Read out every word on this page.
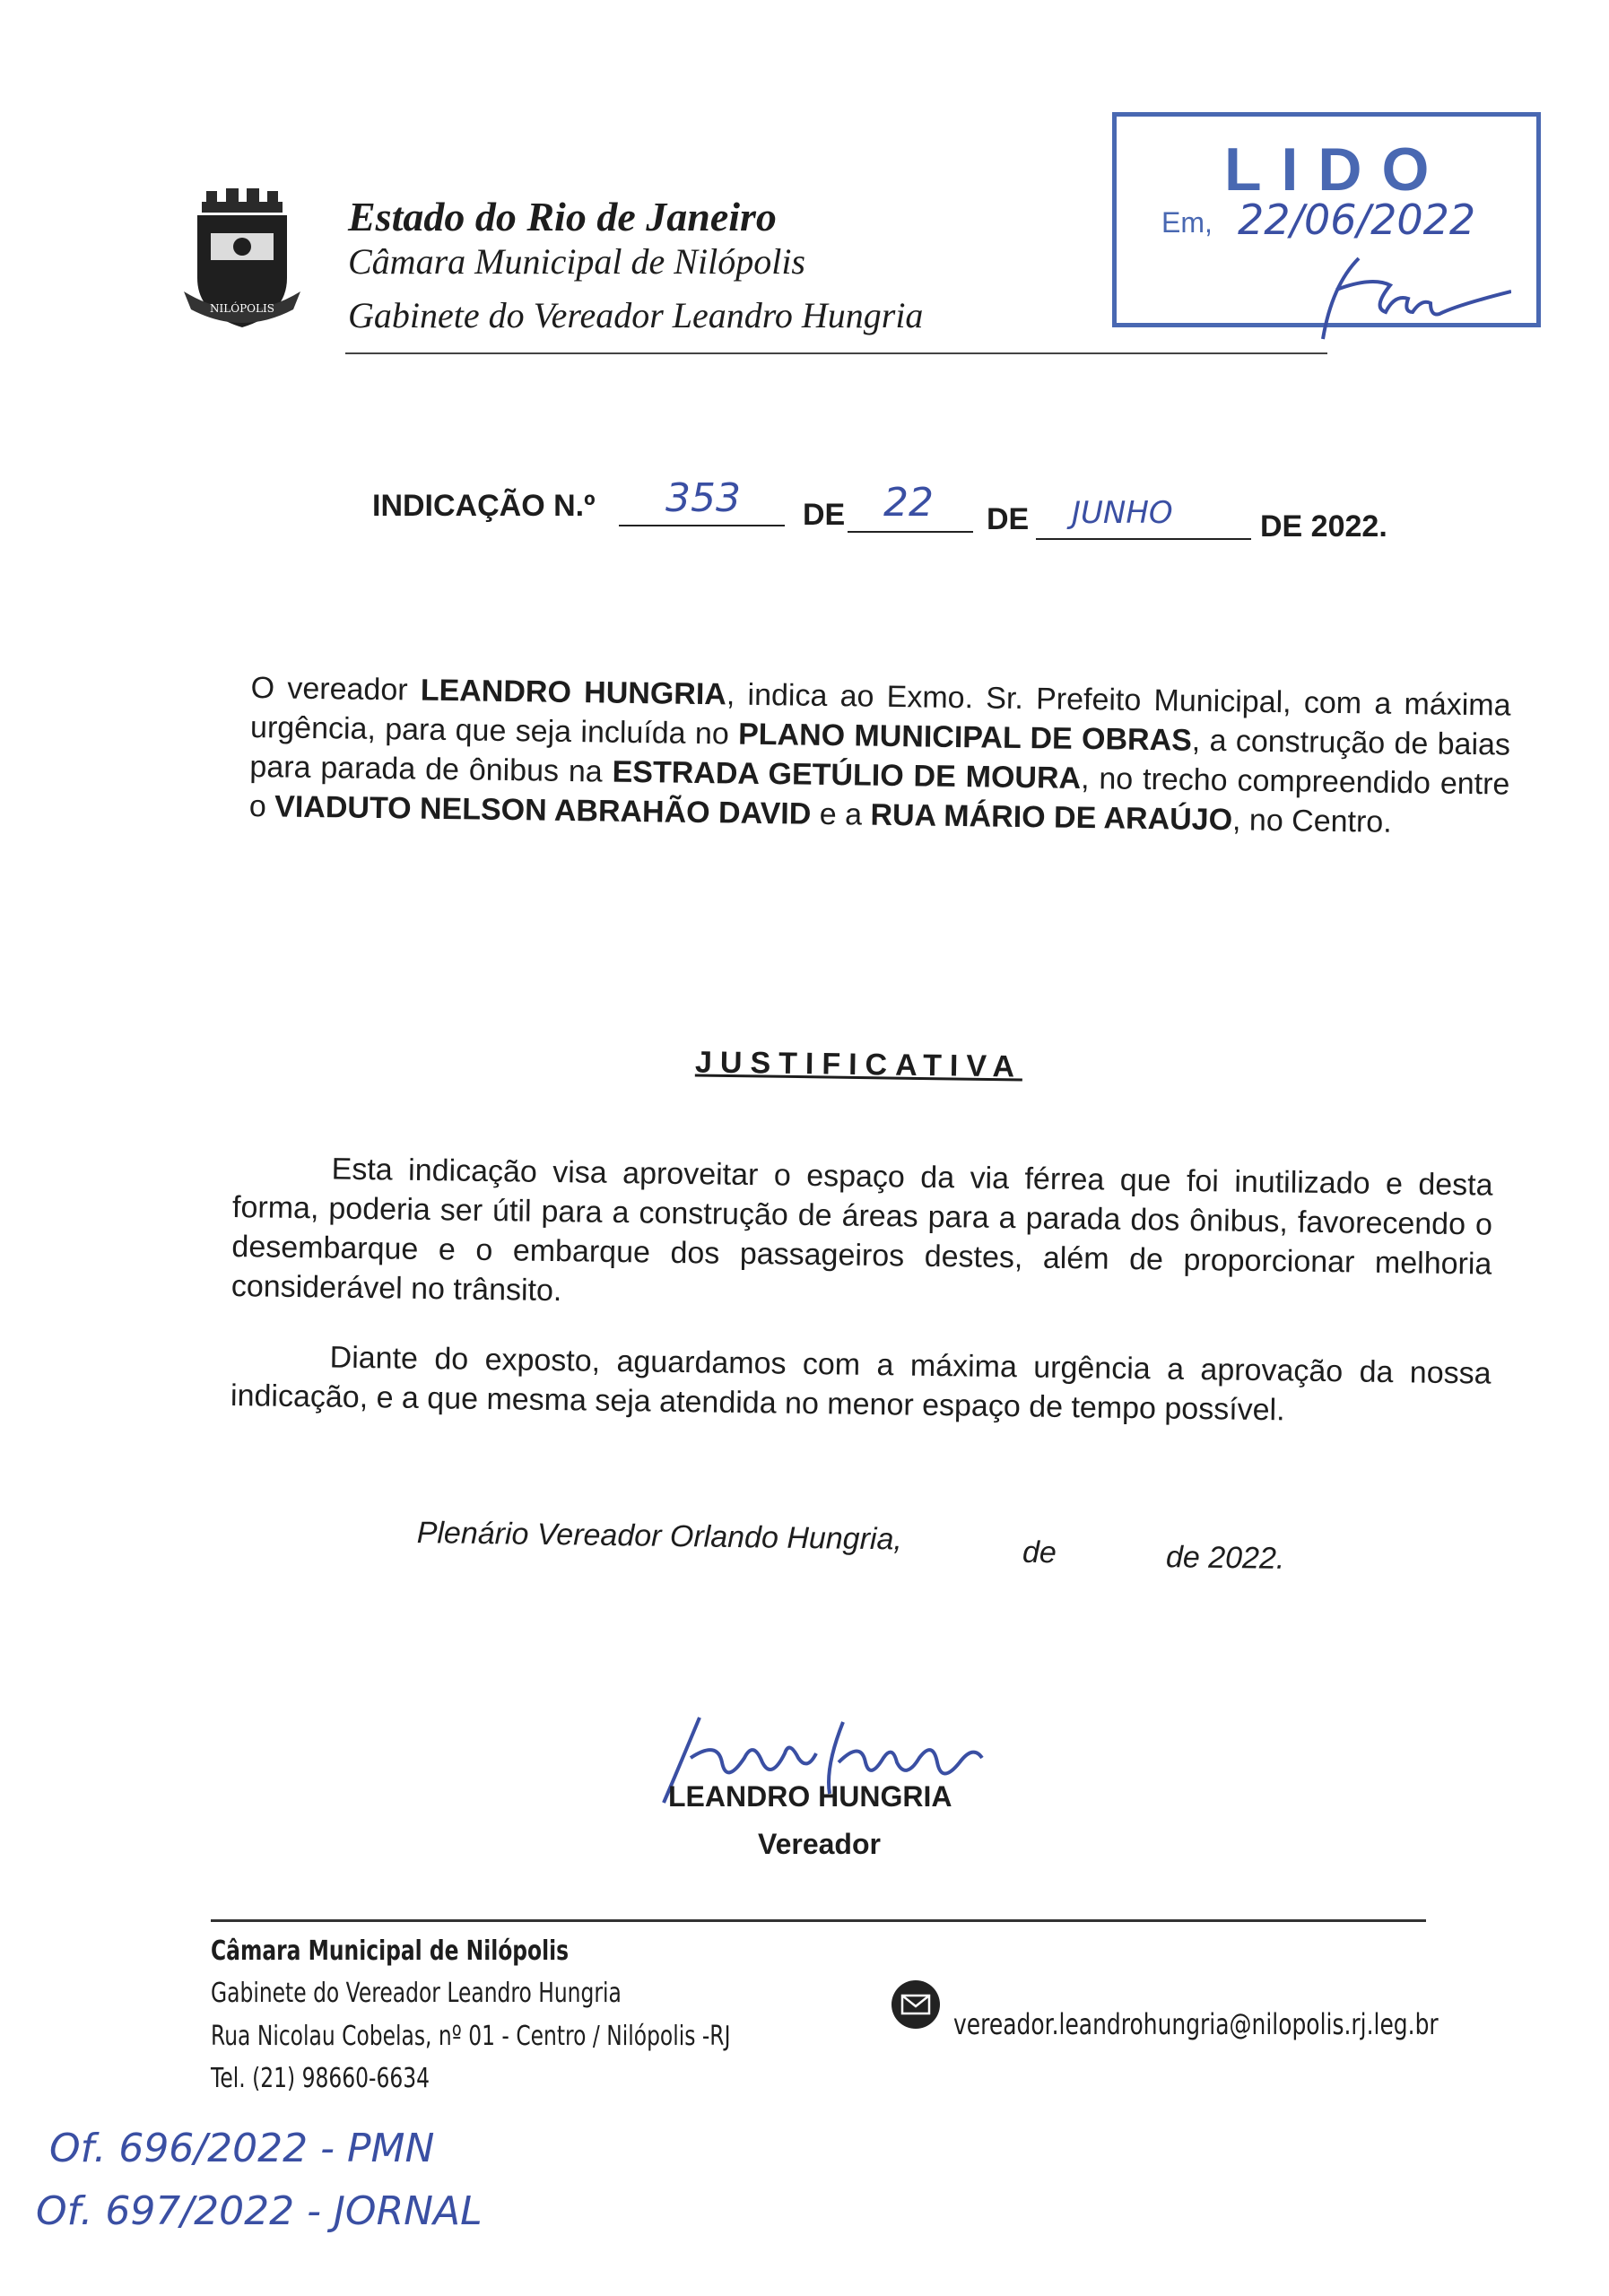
NILÓPOLIS
Estado do Rio de Janeiro
Câmara Municipal de Nilópolis
Gabinete do Vereador Leandro Hungria
LIDO
Em, 22/06/2022
INDICAÇÃO N.º 353 DE 22 DE JUNHO	DE 2022.
O vereador LEANDRO HUNGRIA, indica ao Exmo. Sr. Prefeito Municipal, com a máxima urgência, para que seja incluída no PLANO MUNICIPAL DE OBRAS, a construção de baias para parada de ônibus na ESTRADA GETÚLIO DE MOURA, no trecho compreendido entre o VIADUTO NELSON ABRAHÃO DAVID e a RUA MÁRIO DE ARAÚJO, no Centro.
JUSTIFICATIVA
Esta indicação visa aproveitar o espaço da via férrea que foi inutilizado e desta forma, poderia ser útil para a construção de áreas para a parada dos ônibus, favorecendo o desembarque e o embarque dos passageiros destes, além de proporcionar melhoria considerável no trânsito.
Diante do exposto, aguardamos com a máxima urgência a aprovação da nossa indicação, e a que mesma seja atendida no menor espaço de tempo possível.
Plenário Vereador Orlando Hungria,	de	de 2022.
LEANDRO HUNGRIA
Vereador
Câmara Municipal de Nilópolis
Gabinete do Vereador Leandro Hungria
Rua Nicolau Cobelas, nº 01 - Centro / Nilópolis -RJ
Tel. (21) 98660-6634
vereador.leandrohungria@nilopolis.rj.leg.br
Of. 696/2022 - PMN
Of. 697/2022 - JORNAL
